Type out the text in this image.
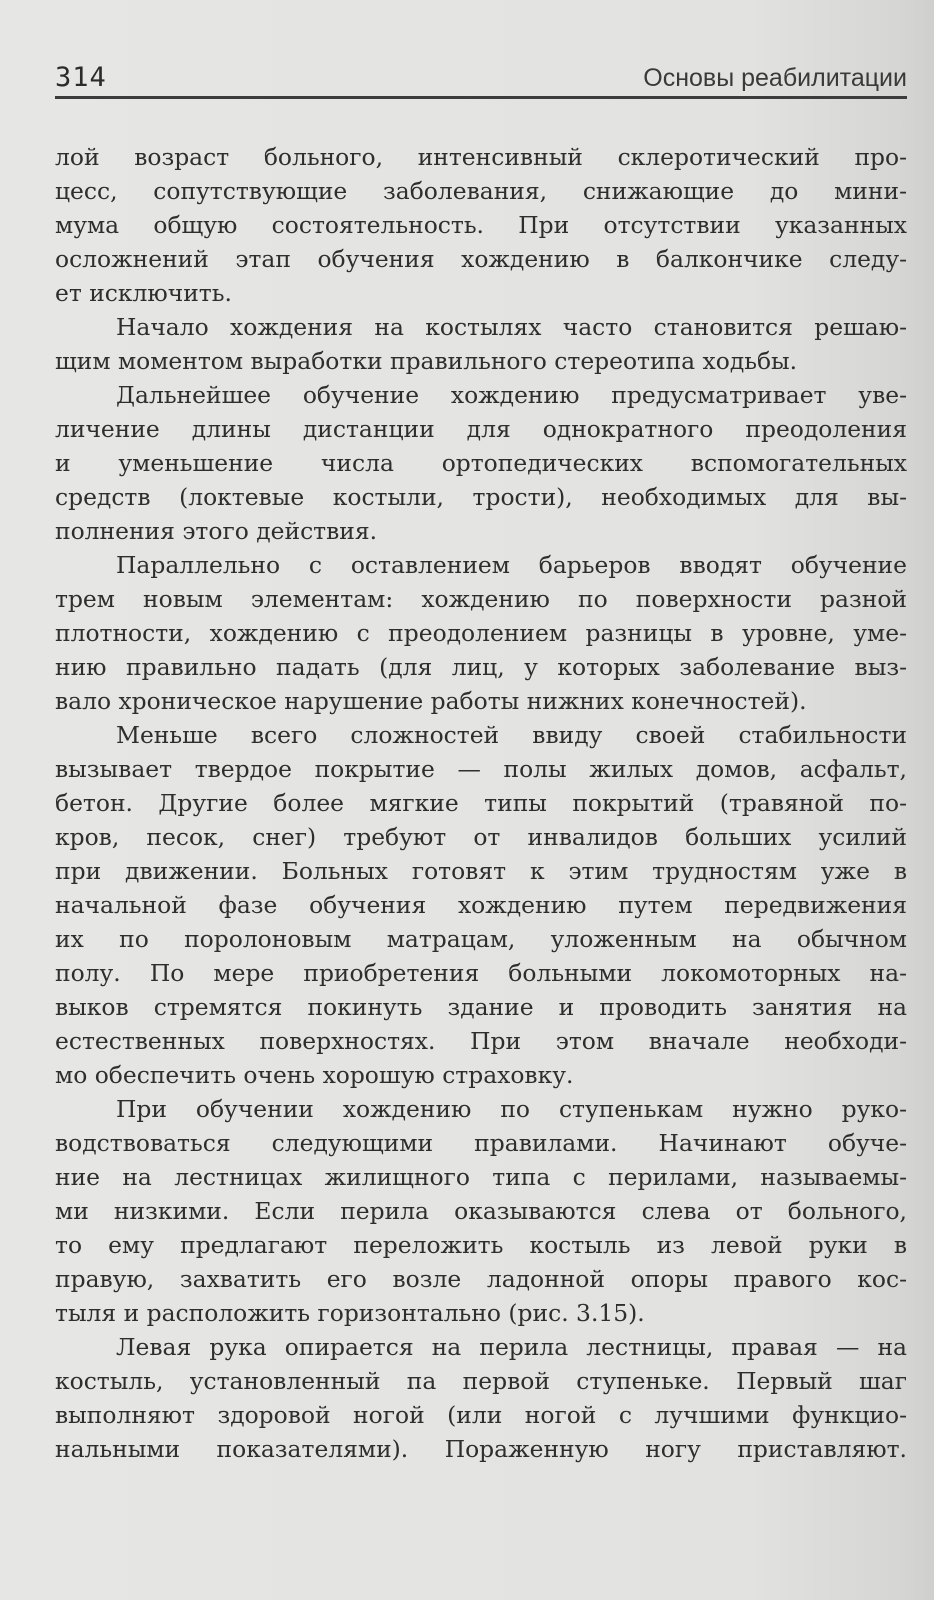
314	Основы реабилитации
лой возраст больного, интенсивный склеротический про-
цесс, сопутствующие заболевания, снижающие до мини-
мума общую состоятельность. При отсутствии указанных
осложнений этап обучения хождению в балкончике следу-
ет исключить.
Начало хождения на костылях часто становится решаю-
щим моментом выработки правильного стереотипа ходьбы.
Дальнейшее обучение хождению предусматривает уве-
личение длины дистанции для однократного преодоления
и уменьшение числа ортопедических вспомогательных
средств (локтевые костыли, трости), необходимых для вы-
полнения этого действия.
Параллельно с оставлением барьеров вводят обучение
трем новым элементам: хождению по поверхности разной
плотности, хождению с преодолением разницы в уровне, уме-
нию правильно падать (для лиц, у которых заболевание выз-
вало хроническое нарушение работы нижних конечностей).
Меньше всего сложностей ввиду своей стабильности
вызывает твердое покрытие — полы жилых домов, асфальт,
бетон. Другие более мягкие типы покрытий (травяной по-
кров, песок, снег) требуют от инвалидов больших усилий
при движении. Больных готовят к этим трудностям уже в
начальной фазе обучения хождению путем передвижения
их по поролоновым матрацам, уложенным на обычном
полу. По мере приобретения больными локомоторных на-
выков стремятся покинуть здание и проводить занятия на
естественных поверхностях. При этом вначале необходи-
мо обеспечить очень хорошую страховку.
При обучении хождению по ступенькам нужно руко-
водствоваться следующими правилами. Начинают обуче-
ние на лестницах жилищного типа с перилами, называемы-
ми низкими. Если перила оказываются слева от больного,
то ему предлагают переложить костыль из левой руки в
правую, захватить его возле ладонной опоры правого кос-
тыля и расположить горизонтально (рис. 3.15).
Левая рука опирается на перила лестницы, правая — на
костыль, установленный па первой ступеньке. Первый шаг
выполняют здоровой ногой (или ногой с лучшими функцио-
нальными показателями). Пораженную ногу приставляют.
